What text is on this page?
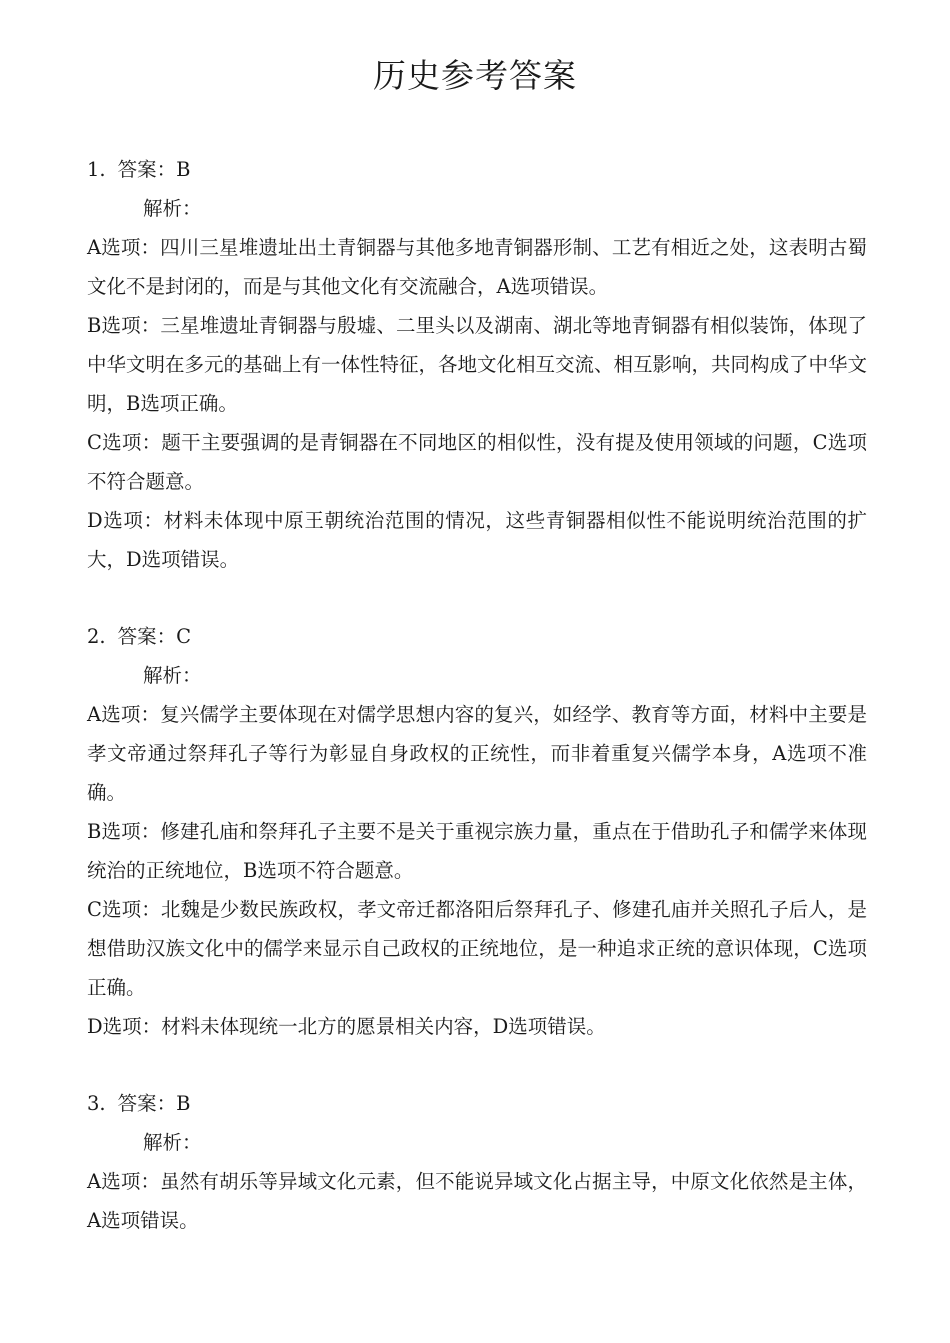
历史参考答案

1. 答案：B

解析：

A选项：四川三星堆遗址出土青铜器与其他多地青铜器形制、工艺有相近之处，这表明古蜀文化不是封闭的，而是与其他文化有交流融合，A选项错误。

B选项：三星堆遗址青铜器与殷墟、二里头以及湖南、湖北等地青铜器有相似装饰，体现了中华文明在多元的基础上有一体性特征，各地文化相互交流、相互影响，共同构成了中华文明，B选项正确。

C选项：题干主要强调的是青铜器在不同地区的相似性，没有提及使用领域的问题，C选项不符合题意。

D选项：材料未体现中原王朝统治范围的情况，这些青铜器相似性不能说明统治范围的扩大，D选项错误。

2. 答案：C

解析：

A选项：复兴儒学主要体现在对儒学思想内容的复兴，如经学、教育等方面，材料中主要是孝文帝通过祭拜孔子等行为彰显自身政权的正统性，而非着重复兴儒学本身，A选项不准确。

B选项：修建孔庙和祭拜孔子主要不是关于重视宗族力量，重点在于借助孔子和儒学来体现统治的正统地位，B选项不符合题意。

C选项：北魏是少数民族政权，孝文帝迁都洛阳后祭拜孔子、修建孔庙并关照孔子后人，是想借助汉族文化中的儒学来显示自己政权的正统地位，是一种追求正统的意识体现，C选项正确。

D选项：材料未体现统一北方的愿景相关内容，D选项错误。

3. 答案：B

解析：

A选项：虽然有胡乐等异域文化元素，但不能说异域文化占据主导，中原文化依然是主体，A选项错误。
